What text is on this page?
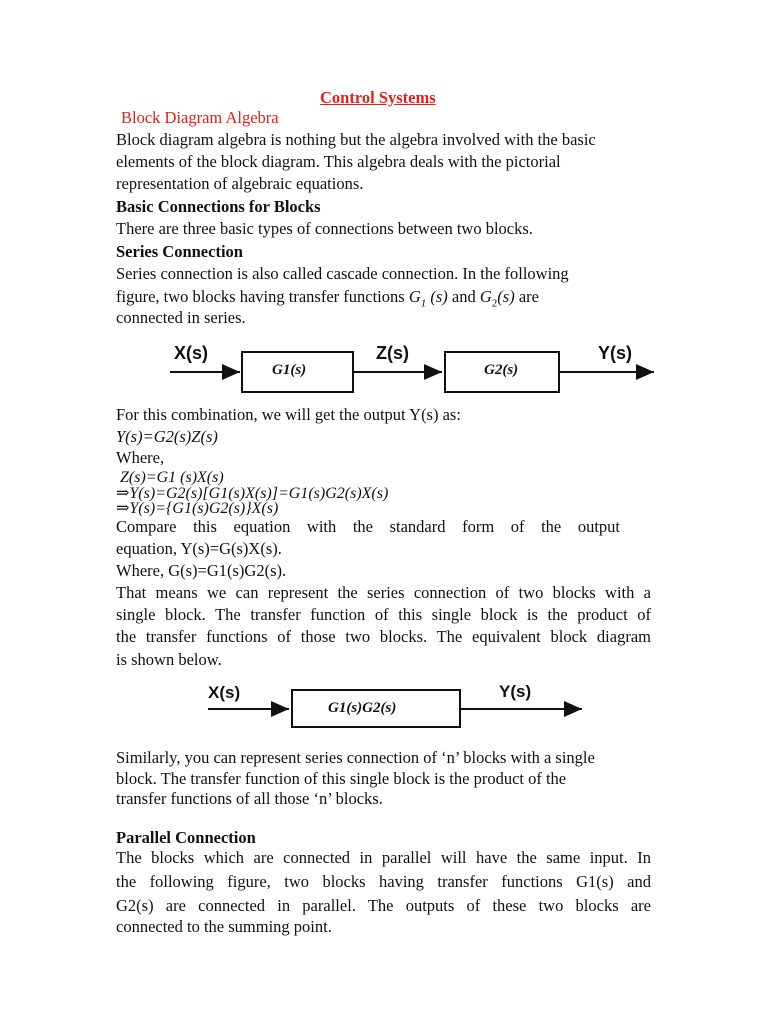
Control Systems
Block Diagram Algebra
Block diagram algebra is nothing but the algebra involved with the basic
elements of the block diagram. This algebra deals with the pictorial
representation of algebraic equations.
Basic Connections for Blocks
There are three basic types of connections between two blocks.
Series Connection
Series connection is also called cascade connection. In the following
figure, two blocks having transfer functions $G_1$ (s) and $G_2(s)$ are
connected in series.
X(s)	Z(s)	Y(s)
G1(s)	G2(s)
For this combination, we will get the output Y(s) as:
Y(s)=G2(s)Z(s)
Where,
Z(s)=G1 (s)X(s)
⇒Y(s)=G2(s)[G1(s)X(s)]=G1(s)G2(s)X(s)
⇒Y(s)={G1(s)G2(s)}X(s)
Compare this equation with the standard form of the output
equation, Y(s)=G(s)X(s).
Where, G(s)=G1(s)G2(s).
That means we can represent the series connection of two blocks with a
single block. The transfer function of this single block is the product of
the transfer functions of those two blocks. The equivalent block diagram
is shown below.
X(s)	Y(s)
G1(s)G2(s)
Similarly, you can represent series connection of ‘n’ blocks with a single
block. The transfer function of this single block is the product of the
transfer functions of all those ‘n’ blocks.
Parallel Connection
The blocks which are connected in parallel will have the same input. In
the following figure, two blocks having transfer functions G1(s) and
G2(s) are connected in parallel. The outputs of these two blocks are
connected to the summing point.
